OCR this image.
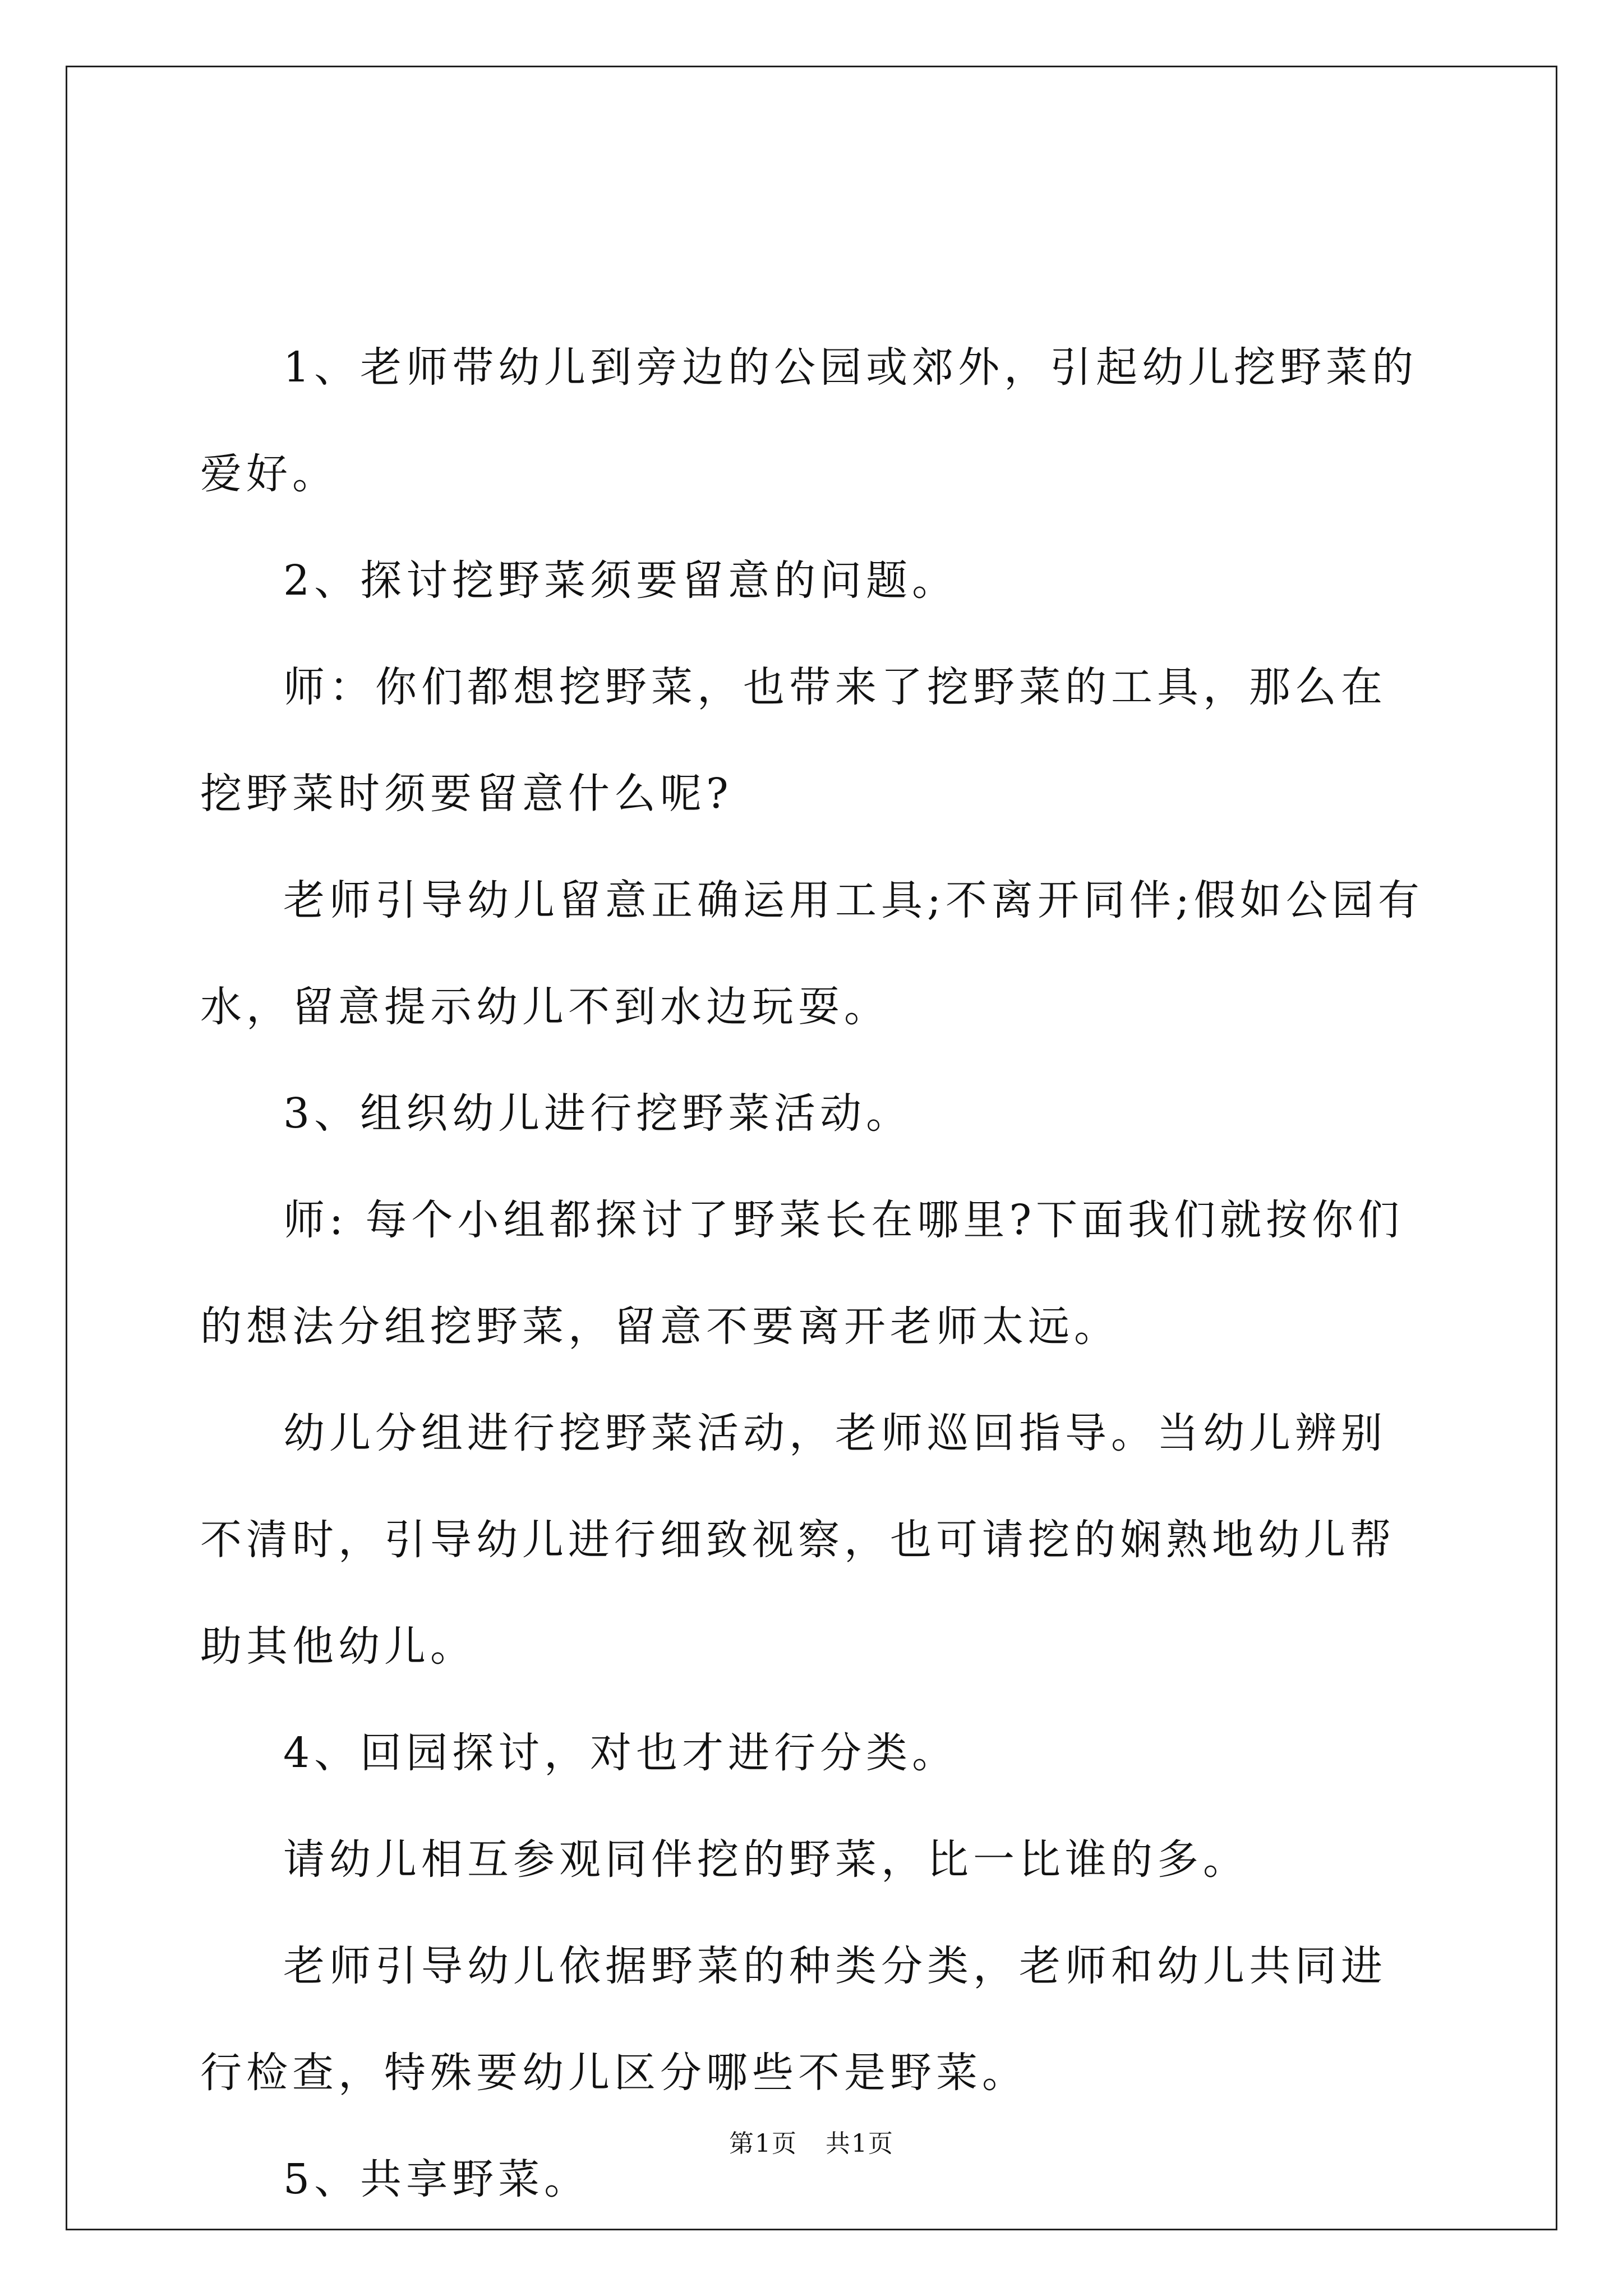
1、老师带幼儿到旁边的公园或郊外，引起幼儿挖野菜的爱好。

2、探讨挖野菜须要留意的问题。

师：你们都想挖野菜，也带来了挖野菜的工具，那么在挖野菜时须要留意什么呢?

老师引导幼儿留意正确运用工具;不离开同伴;假如公园有水，留意提示幼儿不到水边玩耍。

3、组织幼儿进行挖野菜活动。

师: 每个小组都探讨了野菜长在哪里?下面我们就按你们的想法分组挖野菜，留意不要离开老师太远。

幼儿分组进行挖野菜活动，老师巡回指导。当幼儿辨别不清时，引导幼儿进行细致视察，也可请挖的娴熟地幼儿帮助其他幼儿。

4、回园探讨，对也才进行分类。

请幼儿相互参观同伴挖的野菜，比一比谁的多。

老师引导幼儿依据野菜的种类分类，老师和幼儿共同进行检查，特殊要幼儿区分哪些不是野菜。

5、共享野菜。

第1页 共1页
